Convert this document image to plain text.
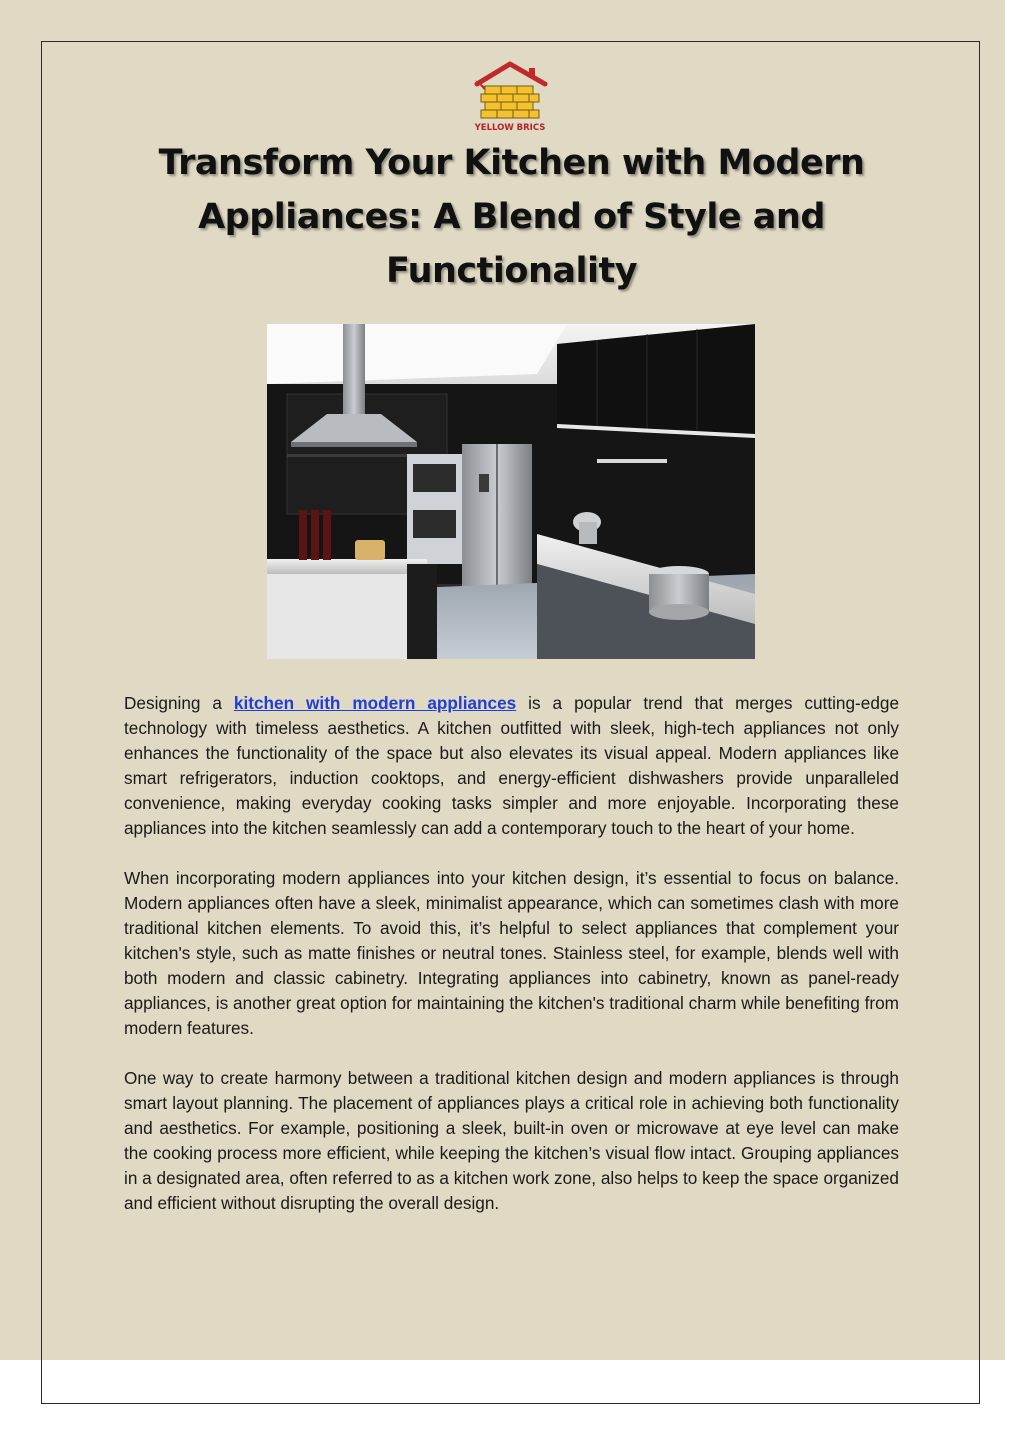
YELLOW BRICS
Transform Your Kitchen with Modern Appliances: A Blend of Style and Functionality

Designing a kitchen with modern appliances is a popular trend that merges cutting-edge technology with timeless aesthetics. A kitchen outfitted with sleek, high-tech appliances not only enhances the functionality of the space but also elevates its visual appeal. Modern appliances like smart refrigerators, induction cooktops, and energy-efficient dishwashers provide unparalleled convenience, making everyday cooking tasks simpler and more enjoyable. Incorporating these appliances into the kitchen seamlessly can add a contemporary touch to the heart of your home.

When incorporating modern appliances into your kitchen design, it’s essential to focus on balance. Modern appliances often have a sleek, minimalist appearance, which can sometimes clash with more traditional kitchen elements. To avoid this, it’s helpful to select appliances that complement your kitchen's style, such as matte finishes or neutral tones. Stainless steel, for example, blends well with both modern and classic cabinetry. Integrating appliances into cabinetry, known as panel-ready appliances, is another great option for maintaining the kitchen's traditional charm while benefiting from modern features.

One way to create harmony between a traditional kitchen design and modern appliances is through smart layout planning. The placement of appliances plays a critical role in achieving both functionality and aesthetics. For example, positioning a sleek, built-in oven or microwave at eye level can make the cooking process more efficient, while keeping the kitchen’s visual flow intact. Grouping appliances in a designated area, often referred to as a kitchen work zone, also helps to keep the space organized and efficient without disrupting the overall design.
